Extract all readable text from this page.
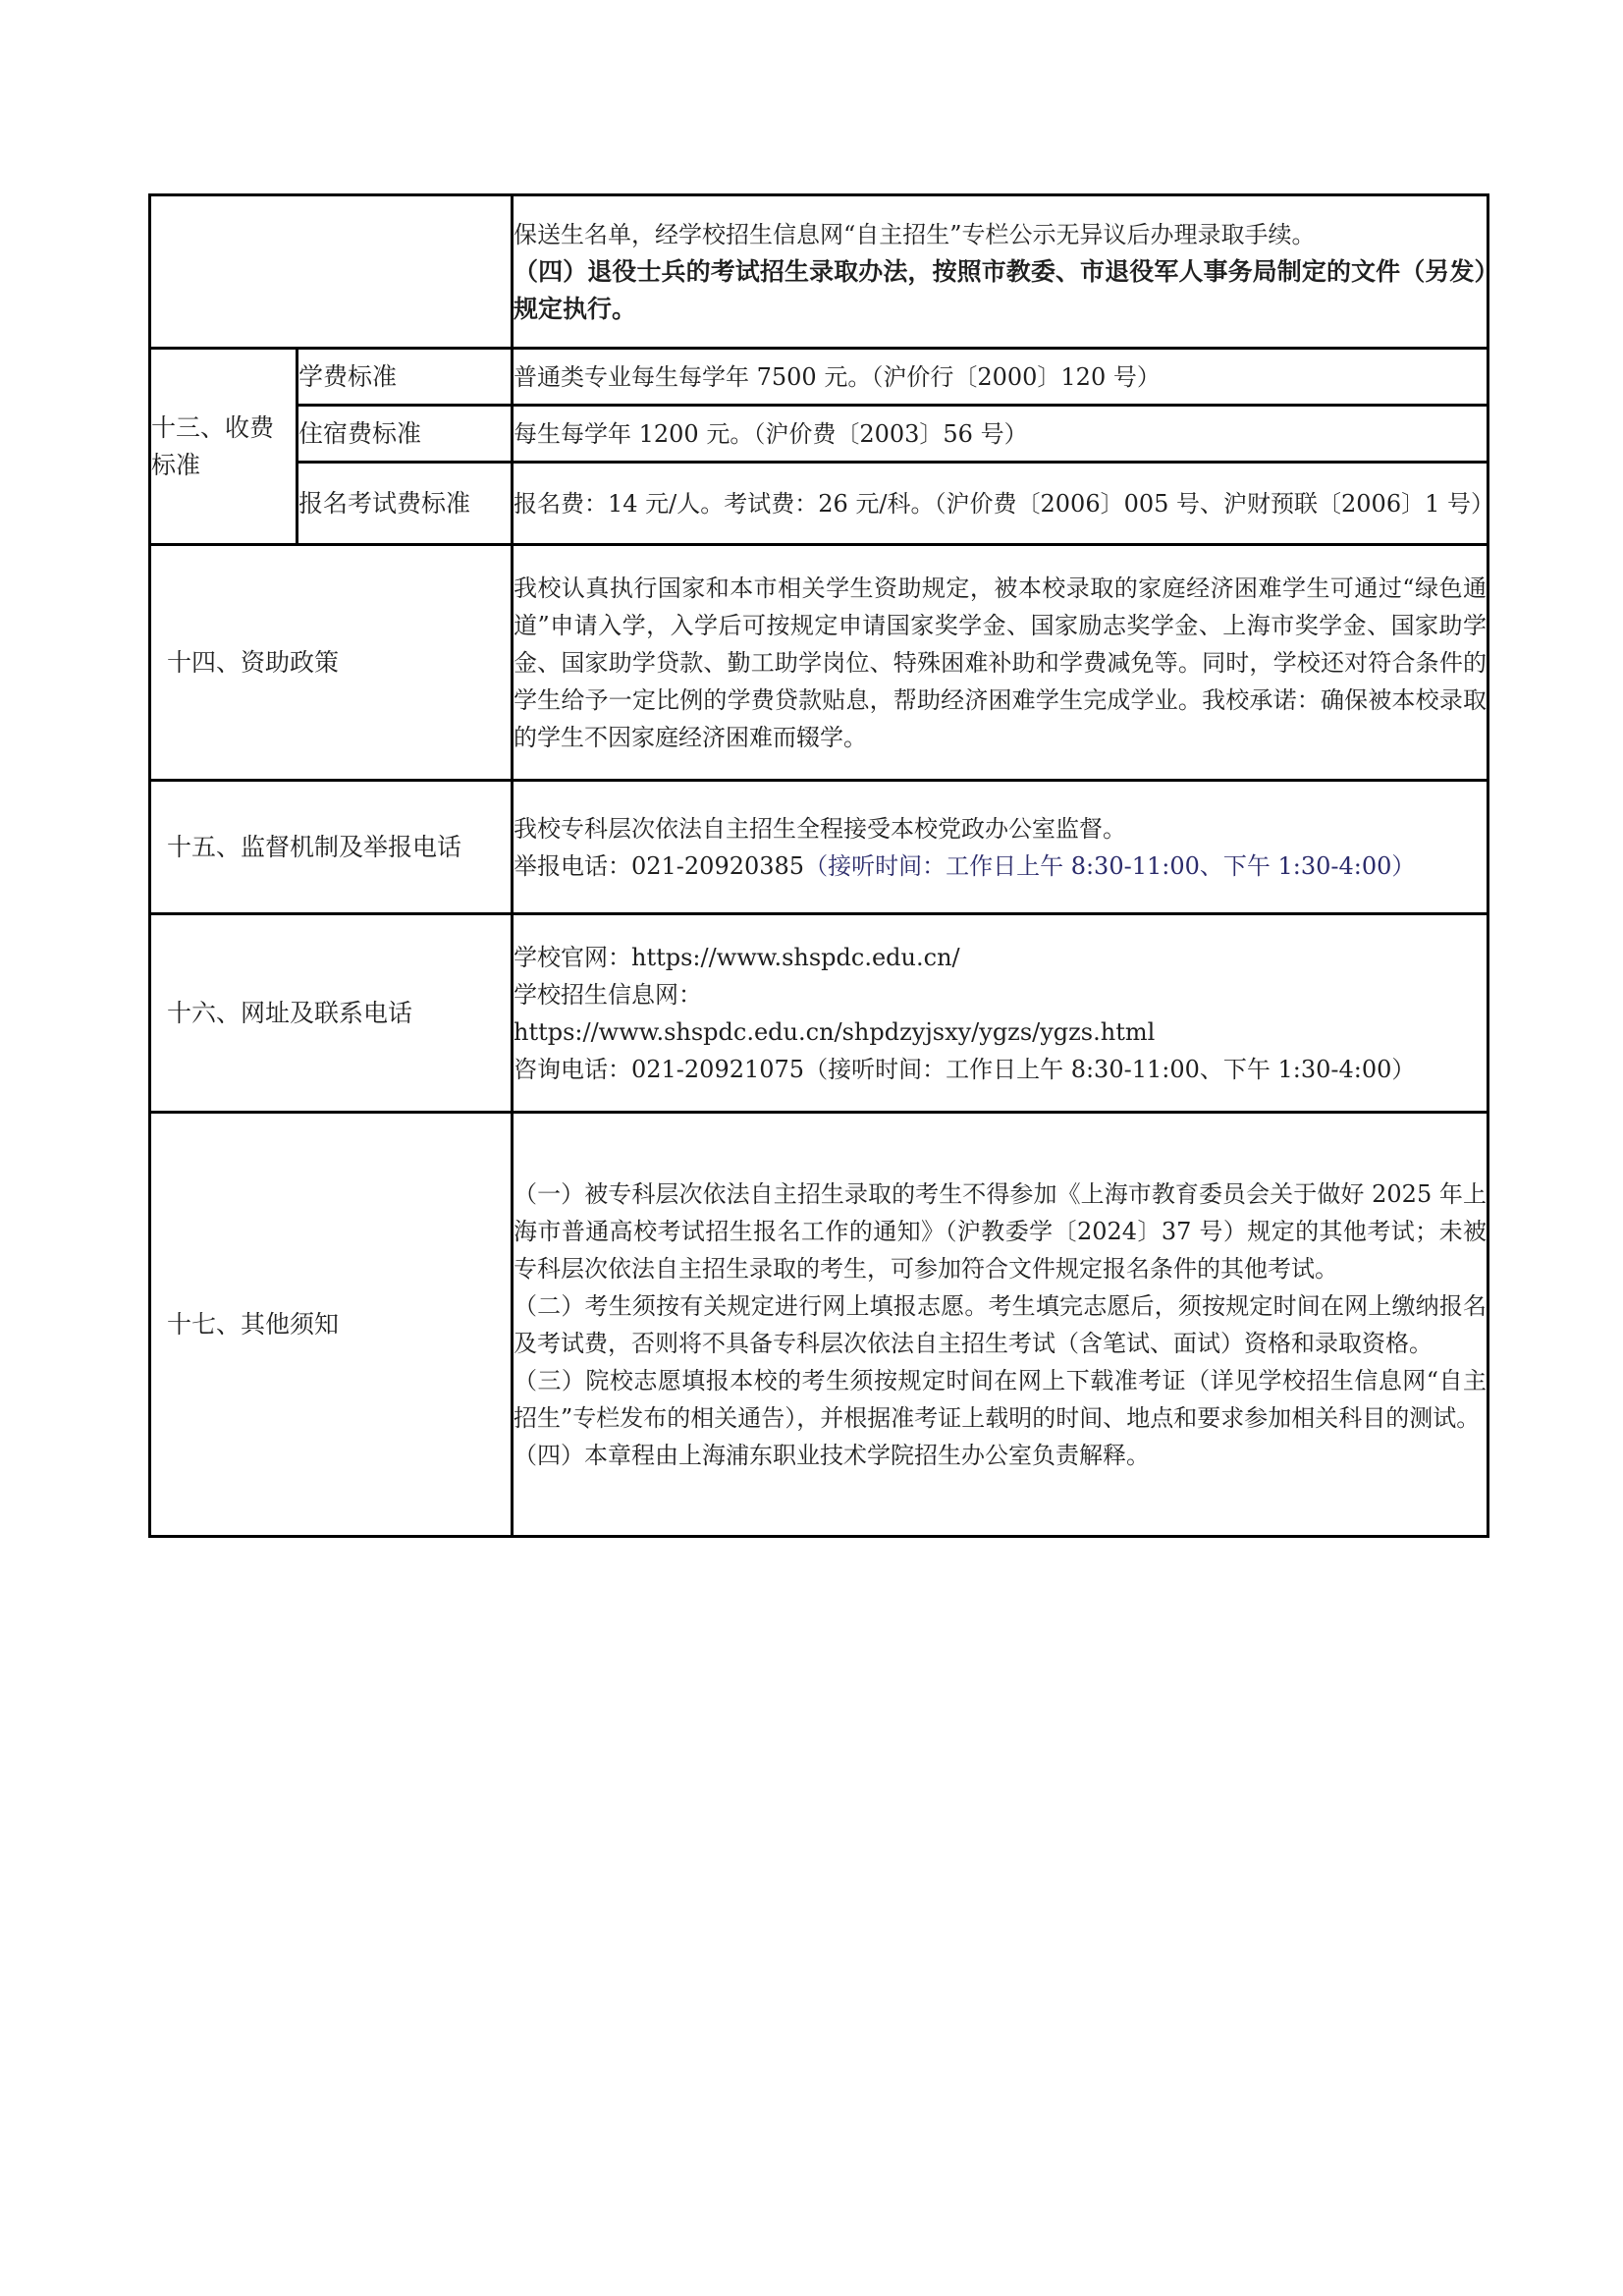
		保送生名单，经学校招生信息网“自主招生”专栏公示无异议后办理录取手续。

（四）退役士兵的考试招生录取办法，按照市教委、市退役军人事务局制定的文件（另发）规定执行。

十三、收费标准	学费标准	普通类专业每生每学年 7500 元。（沪价行〔2000〕120 号）
	住宿费标准	每生每学年 1200 元。（沪价费〔2003〕56 号）
	报名考试费标准	报名费：14 元/人。考试费：26 元/科。（沪价费〔2006〕005 号、沪财预联〔2006〕1 号）
十四、资助政策		我校认真执行国家和本市相关学生资助规定，被本校录取的家庭经济困难学生可通过“绿色通道”申请入学，入学后可按规定申请国家奖学金、国家励志奖学金、上海市奖学金、国家助学金、国家助学贷款、勤工助学岗位、特殊困难补助和学费减免等。同时，学校还对符合条件的学生给予一定比例的学费贷款贴息，帮助经济困难学生完成学业。我校承诺：确保被本校录取的学生不因家庭经济困难而辍学。
十五、监督机制及举报电话		我校专科层次依法自主招生全程接受本校党政办公室监督。

举报电话：021-20920385（接听时间：工作日上午 8:30-11:00、下午 1:30-4:00）

十六、网址及联系电话		学校官网：https://www.shspdc.edu.cn/

学校招生信息网：

https://www.shspdc.edu.cn/shpdzyjsxy/ygzs/ygzs.html

咨询电话：021-20921075（接听时间：工作日上午 8:30-11:00、下午 1:30-4:00）

十七、其他须知		（一）被专科层次依法自主招生录取的考生不得参加《上海市教育委员会关于做好 2025 年上海市普通高校考试招生报名工作的通知》（沪教委学〔2024〕37 号）规定的其他考试；未被专科层次依法自主招生录取的考生，可参加符合文件规定报名条件的其他考试。

（二）考生须按有关规定进行网上填报志愿。考生填完志愿后，须按规定时间在网上缴纳报名及考试费，否则将不具备专科层次依法自主招生考试（含笔试、面试）资格和录取资格。

（三）院校志愿填报本校的考生须按规定时间在网上下载准考证（详见学校招生信息网“自主招生”专栏发布的相关通告），并根据准考证上载明的时间、地点和要求参加相关科目的测试。

（四）本章程由上海浦东职业技术学院招生办公室负责解释。
